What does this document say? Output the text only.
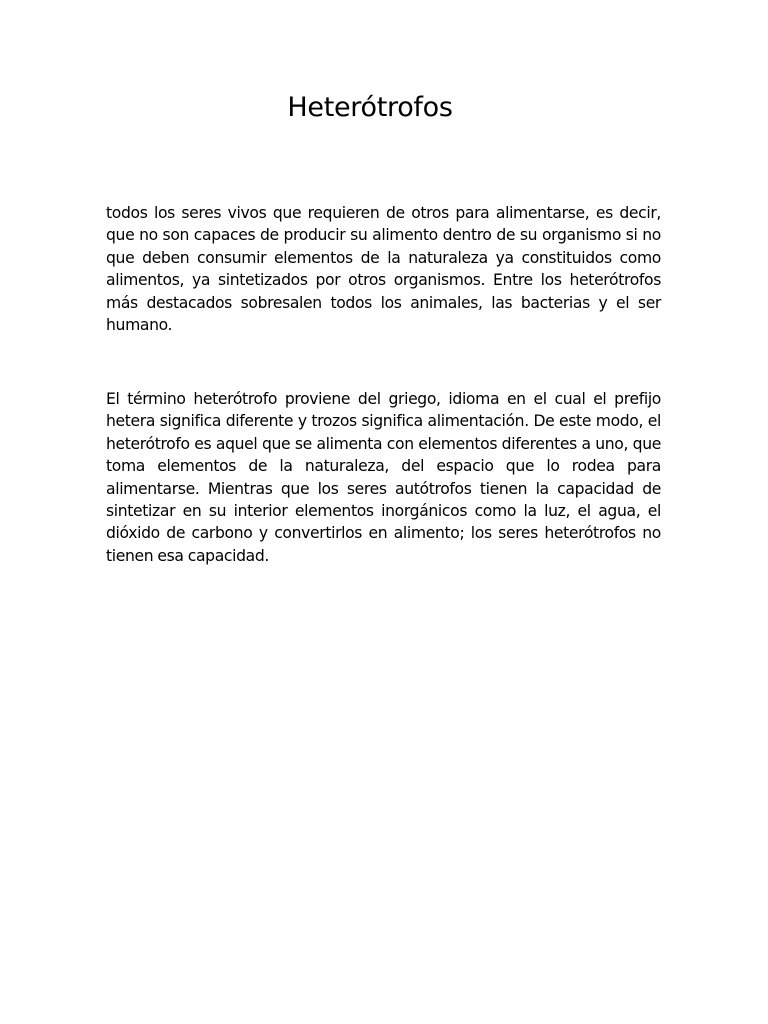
Heterótrofos

todos los seres vivos que requieren de otros para alimentarse, es decir, que no son capaces de producir su alimento dentro de su organismo si no que deben consumir elementos de la naturaleza ya constituidos como alimentos, ya sintetizados por otros organismos. Entre los heterótrofos más destacados sobresalen todos los animales, las bacterias y el ser humano.

El término heterótrofo proviene del griego, idioma en el cual el prefijo hetera significa diferente y trozos significa alimentación. De este modo, el heterótrofo es aquel que se alimenta con elementos diferentes a uno, que toma elementos de la naturaleza, del espacio que lo rodea para alimentarse. Mientras que los seres autótrofos tienen la capacidad de sintetizar en su interior elementos inorgánicos como la luz, el agua, el dióxido de carbono y convertirlos en alimento; los seres heterótrofos no tienen esa capacidad.
